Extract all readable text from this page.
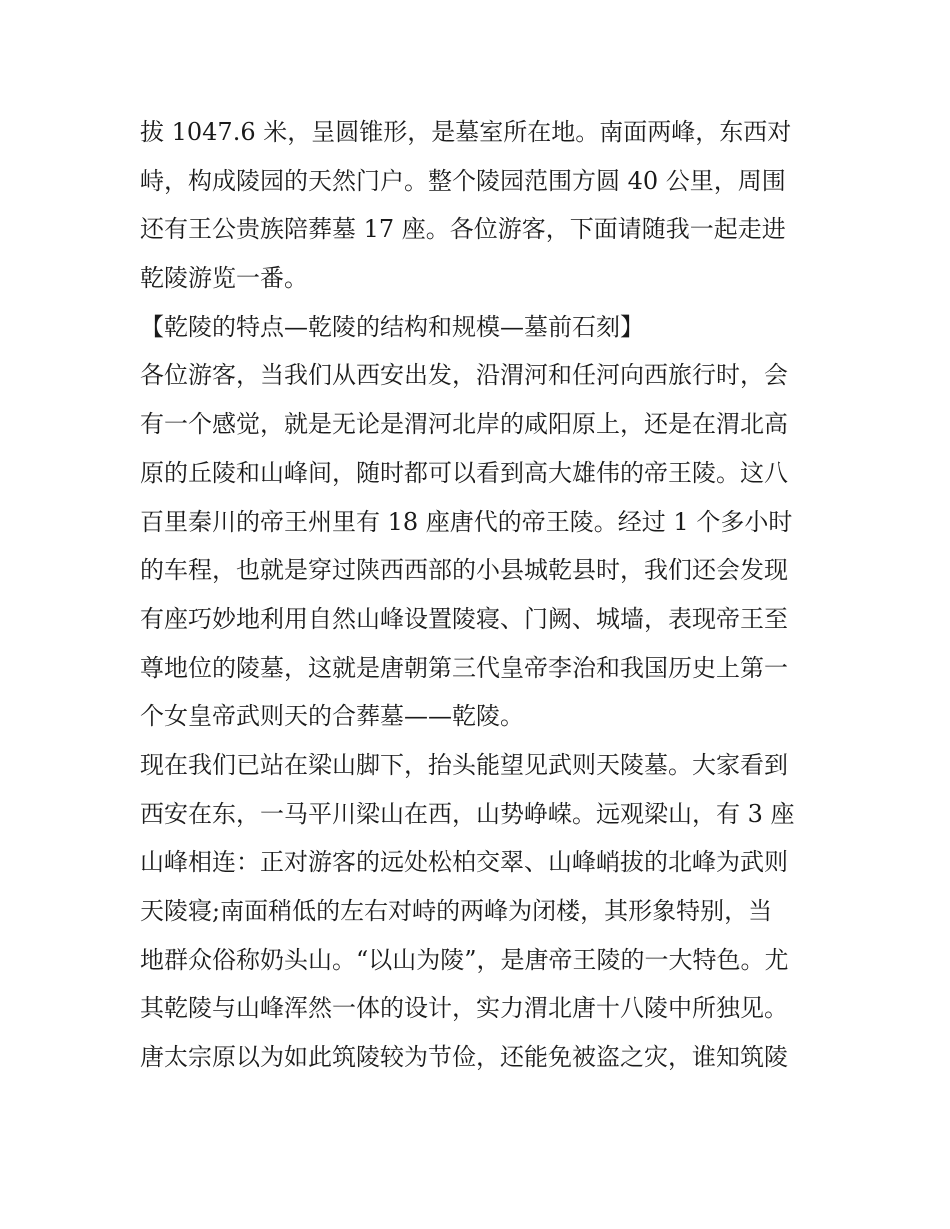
拔 1047.6 米，呈圆锥形，是墓室所在地。南面两峰，东西对
峙，构成陵园的天然门户。整个陵园范围方圆 40 公里，周围
还有王公贵族陪葬墓 17 座。各位游客，下面请随我一起走进
乾陵游览一番。
【乾陵的特点—乾陵的结构和规模—墓前石刻】
各位游客，当我们从西安出发，沿渭河和任河向西旅行时，会
有一个感觉，就是无论是渭河北岸的咸阳原上，还是在渭北高
原的丘陵和山峰间，随时都可以看到高大雄伟的帝王陵。这八
百里秦川的帝王州里有 18 座唐代的帝王陵。经过 1 个多小时
的车程，也就是穿过陕西西部的小县城乾县时，我们还会发现
有座巧妙地利用自然山峰设置陵寝、门阙、城墙，表现帝王至
尊地位的陵墓，这就是唐朝第三代皇帝李治和我国历史上第一
个女皇帝武则天的合葬墓——乾陵。
现在我们已站在梁山脚下，抬头能望见武则天陵墓。大家看到
西安在东，一马平川梁山在西，山势峥嵘。远观梁山，有 3 座
山峰相连：正对游客的远处松柏交翠、山峰峭拔的北峰为武则
天陵寝;南面稍低的左右对峙的两峰为闭楼，其形象特别，当
地群众俗称奶头山。“以山为陵”，是唐帝王陵的一大特色。尤
其乾陵与山峰浑然一体的设计，实力渭北唐十八陵中所独见。
唐太宗原以为如此筑陵较为节俭，还能免被盗之灾，谁知筑陵
